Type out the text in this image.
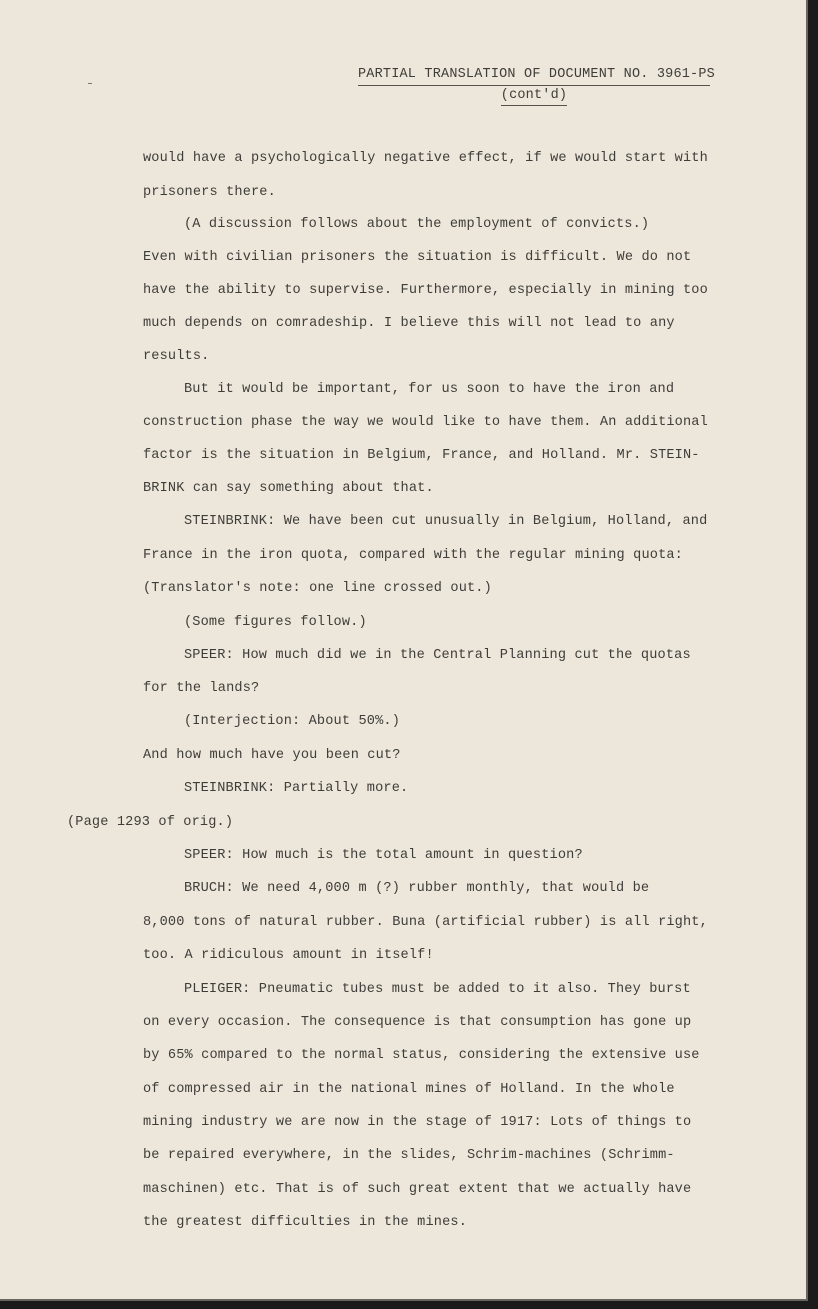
PARTIAL TRANSLATION OF DOCUMENT NO. 3961-PS
(cont'd)
would have a psychologically negative effect, if we would start with
prisoners there.
(A discussion follows about the employment of convicts.)
Even with civilian prisoners the situation is difficult. We do not
have the ability to supervise. Furthermore, especially in mining too
much depends on comradeship. I believe this will not lead to any
results.
But it would be important, for us soon to have the iron and
construction phase the way we would like to have them. An additional
factor is the situation in Belgium, France, and Holland. Mr. STEIN-
BRINK can say something about that.
STEINBRINK: We have been cut unusually in Belgium, Holland, and
France in the iron quota, compared with the regular mining quota:
(Translator's note: one line crossed out.)
(Some figures follow.)
SPEER: How much did we in the Central Planning cut the quotas
for the lands?
(Interjection: About 50%.)
And how much have you been cut?
STEINBRINK: Partially more.
(Page 1293 of orig.)
SPEER: How much is the total amount in question?
BRUCH: We need 4,000 m (?) rubber monthly, that would be
8,000 tons of natural rubber. Buna (artificial rubber) is all right,
too. A ridiculous amount in itself!
PLEIGER: Pneumatic tubes must be added to it also. They burst
on every occasion. The consequence is that consumption has gone up
by 65% compared to the normal status, considering the extensive use
of compressed air in the national mines of Holland. In the whole
mining industry we are now in the stage of 1917: Lots of things to
be repaired everywhere, in the slides, Schrim-machines (Schrimm-
maschinen) etc. That is of such great extent that we actually have
the greatest difficulties in the mines.
